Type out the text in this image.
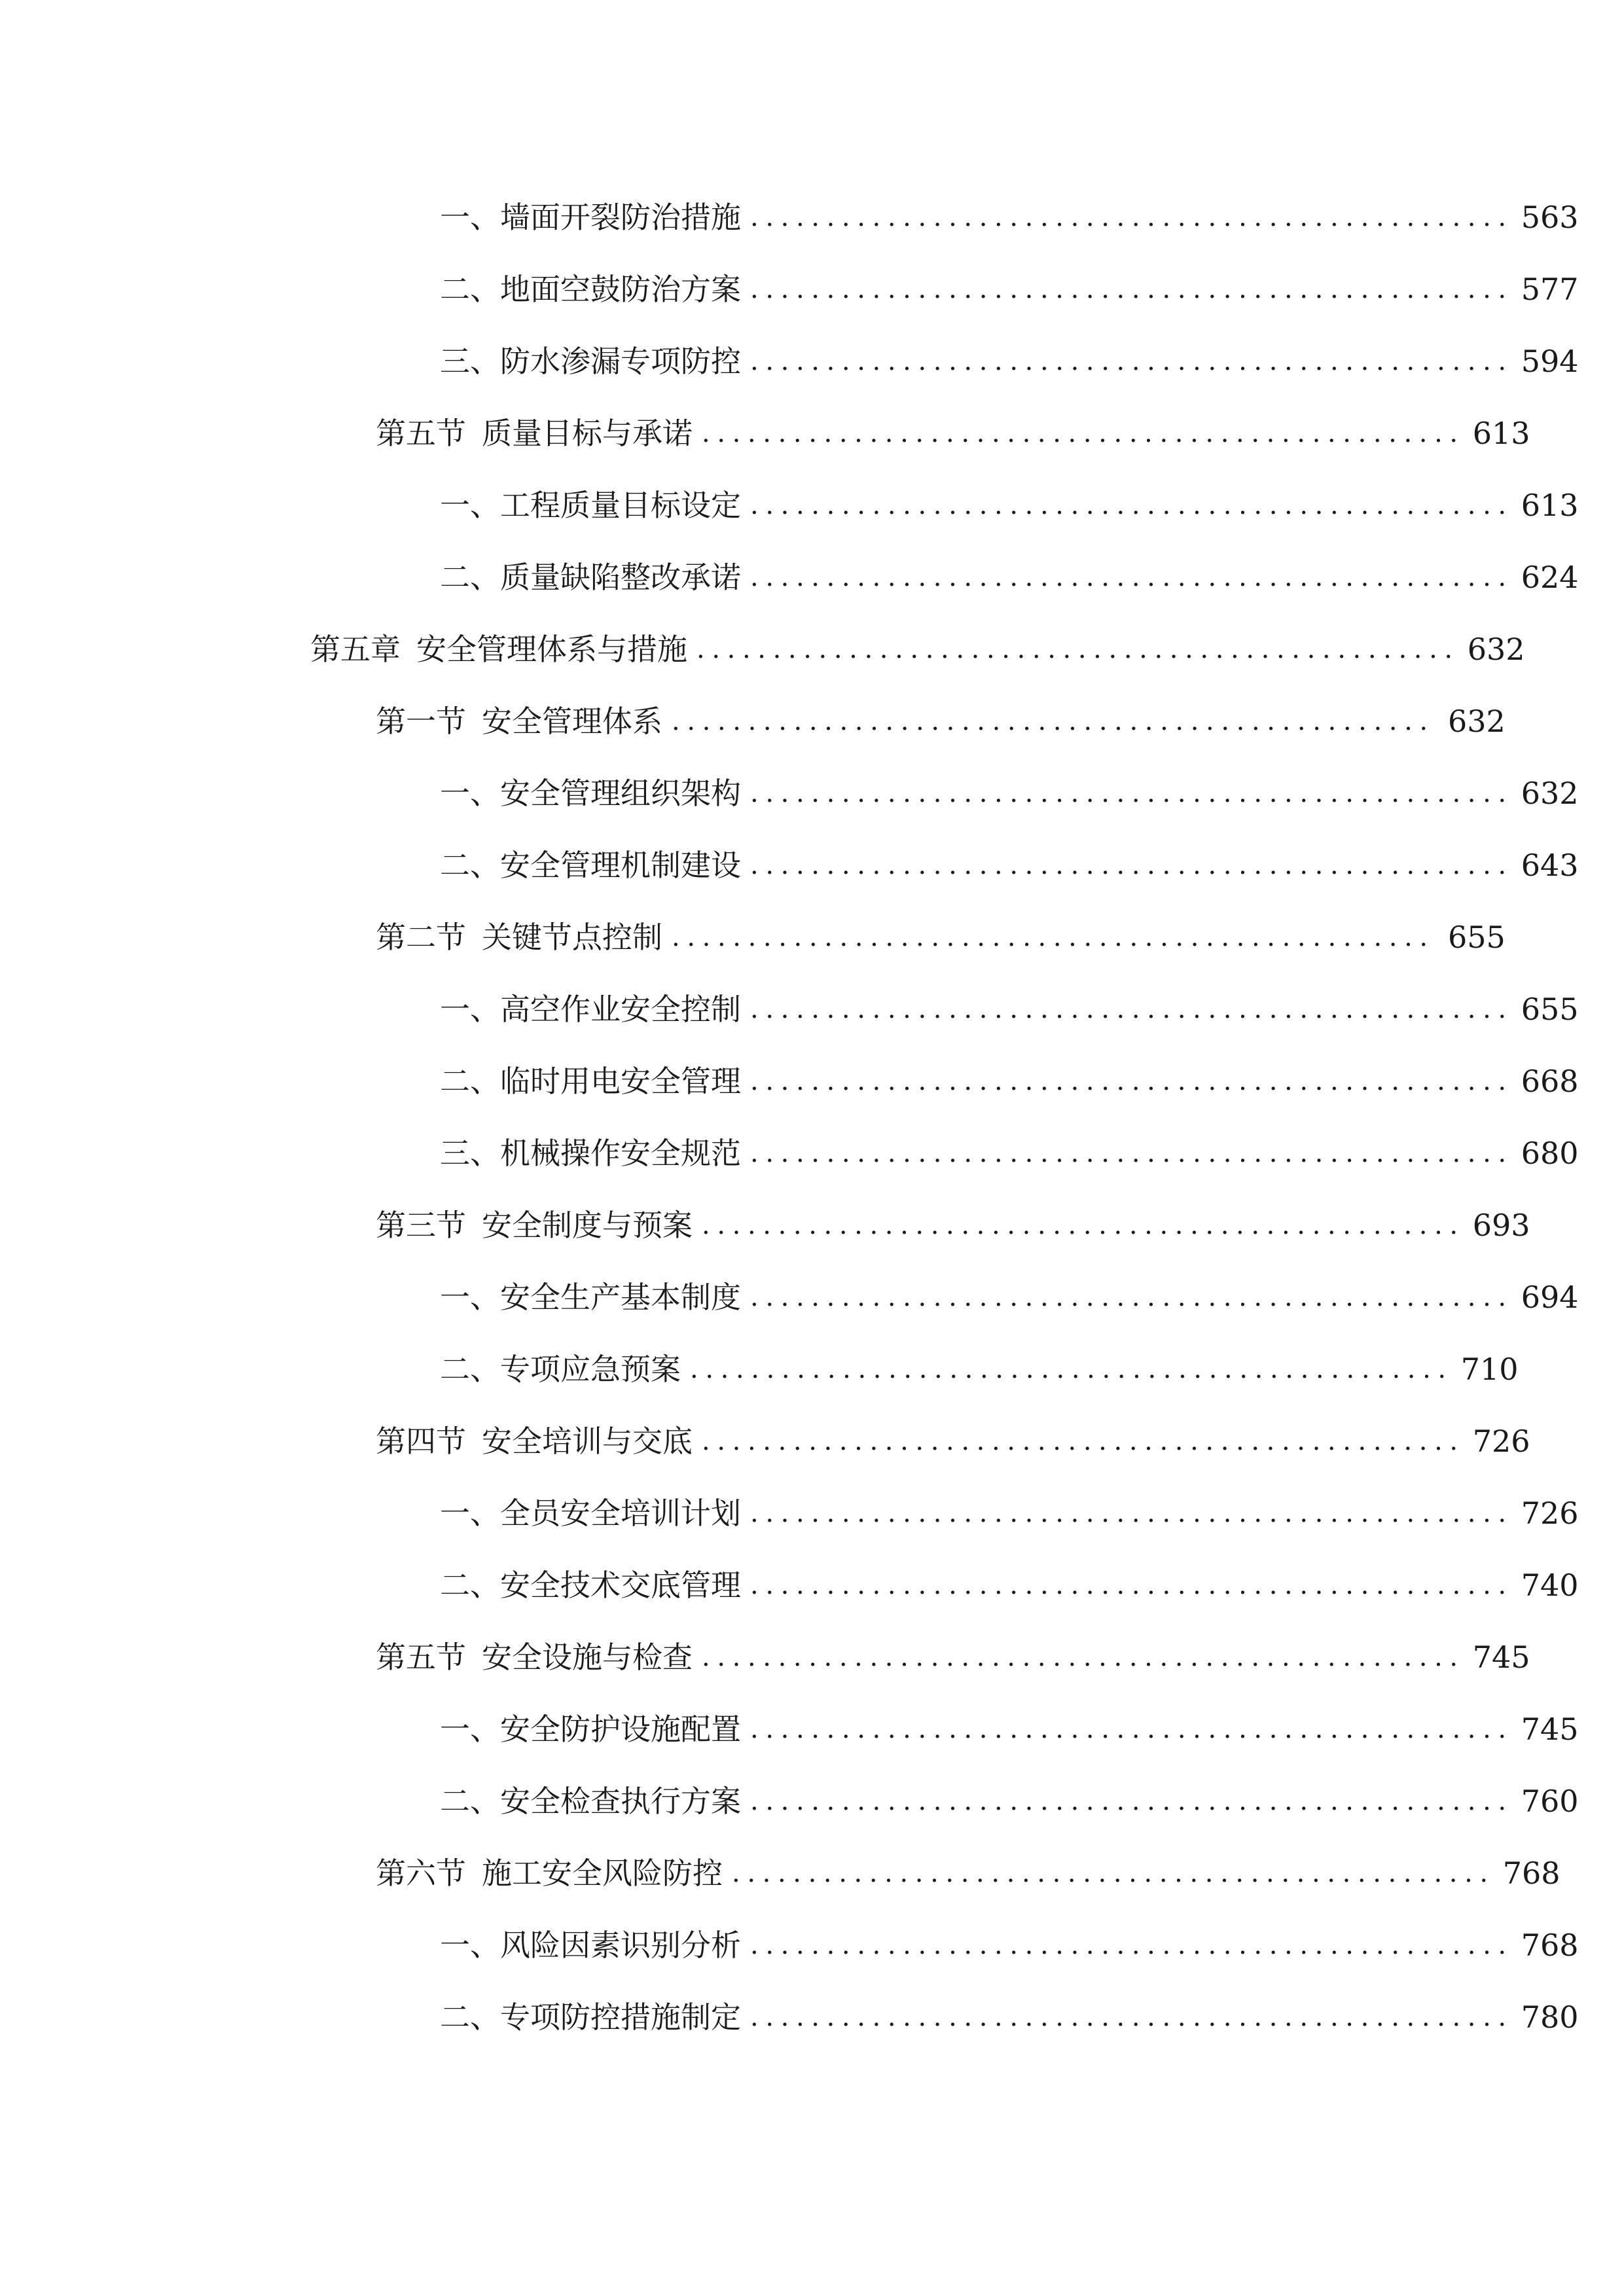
一、 墙面开裂防治措施 .................................................. 563
二、 地面空鼓防治方案 .................................................. 577
三、 防水渗漏专项防控 .................................................. 594
第五节 质量目标与承诺 .................................................. 613
一、 工程质量目标设定 .................................................. 613
二、 质量缺陷整改承诺 .................................................. 624
第五章 安全管理体系与措施 .................................................. 632
第一节 安全管理体系 .................................................. 632
一、 安全管理组织架构 .................................................. 632
二、 安全管理机制建设 .................................................. 643
第二节 关键节点控制 .................................................. 655
一、 高空作业安全控制 .................................................. 655
二、 临时用电安全管理 .................................................. 668
三、 机械操作安全规范 .................................................. 680
第三节 安全制度与预案 .................................................. 693
一、 安全生产基本制度 .................................................. 694
二、 专项应急预案 .................................................. 710
第四节 安全培训与交底 .................................................. 726
一、 全员安全培训计划 .................................................. 726
二、 安全技术交底管理 .................................................. 740
第五节 安全设施与检查 .................................................. 745
一、 安全防护设施配置 .................................................. 745
二、 安全检查执行方案 .................................................. 760
第六节 施工安全风险防控 .................................................. 768
一、 风险因素识别分析 .................................................. 768
二、 专项防控措施制定 .................................................. 780
